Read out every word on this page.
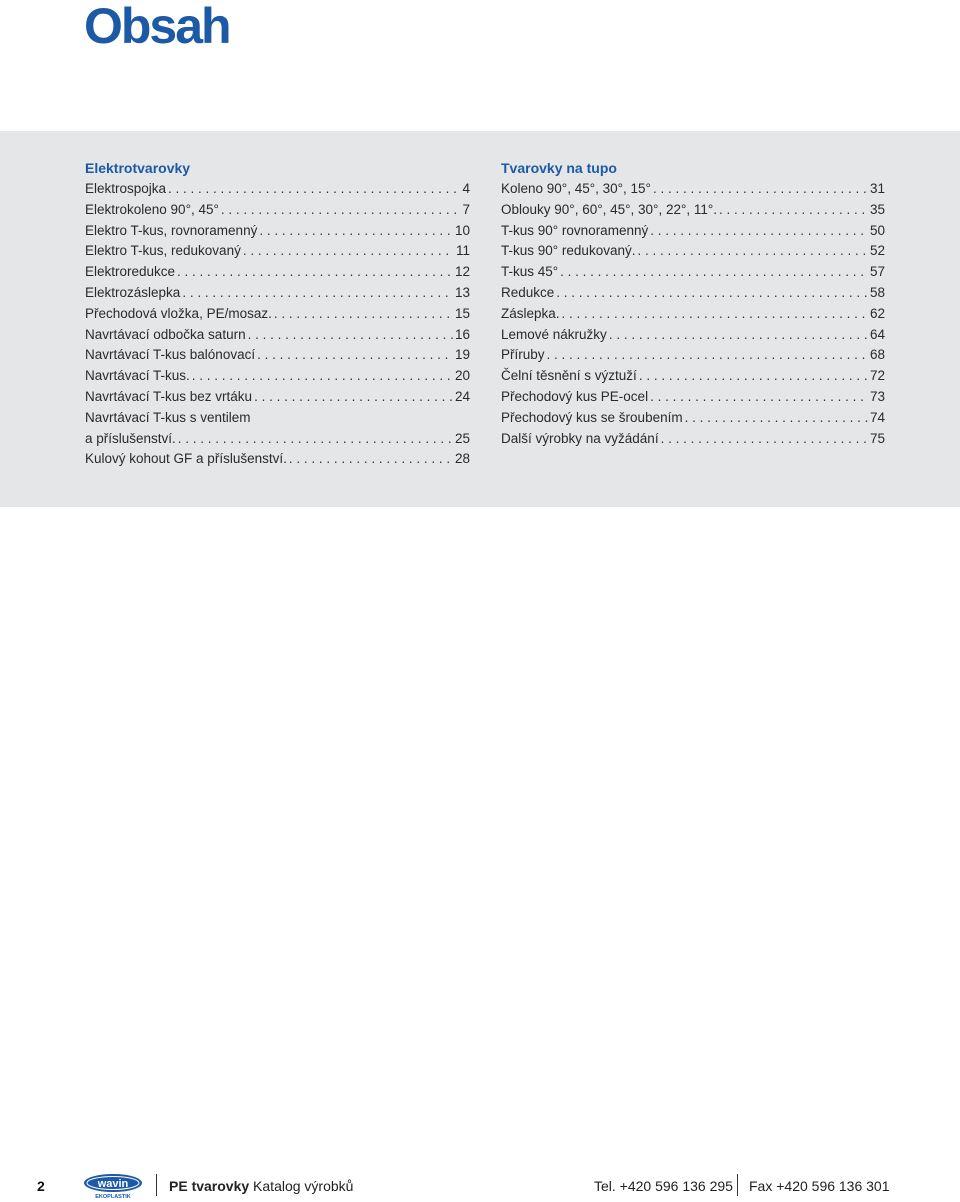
Obsah
Elektrotvarovky
Elektrospojka . . .	4
Elektrokoleno 90°, 45° . . .	7
Elektro T-kus, rovnoramenný . . .	10
Elektro T-kus, redukovaný . . .	11
Elektroredukce . . .	12
Elektrozáslepka . . .	13
Přechodová vložka, PE/mosaz. . . .	15
Navrtávací odbočka saturn . . .	16
Navrtávací T-kus balónovací . . .	19
Navrtávací T-kus. . . .	20
Navrtávací T-kus bez vrtáku . . .	24
Navrtávací T-kus s ventilem
a příslušenství. . . .	25
Kulový kohout GF a příslušenství. . . .	28
Tvarovky na tupo
Koleno 90°, 45°, 30°, 15° . . .	31
Oblouky 90°, 60°, 45°, 30°, 22°, 11°. . . .	35
T-kus 90° rovnoramenný . . .	50
T-kus 90° redukovaný. . . .	52
T-kus 45° . . .	57
Redukce . . .	58
Záslepka. . . .	62
Lemové nákružky . . .	64
Příruby . . .	68
Čelní těsnění s výztuží . . .	72
Přechodový kus PE-ocel . . .	73
Přechodový kus se šroubením . . .	74
Další výrobky na vyžádání . . .	75
2	wavin
EKOPLASTIK
PE tvarovky Katalog výrobků	Tel. +420 596 136 295 Fax +420 596 136 301
